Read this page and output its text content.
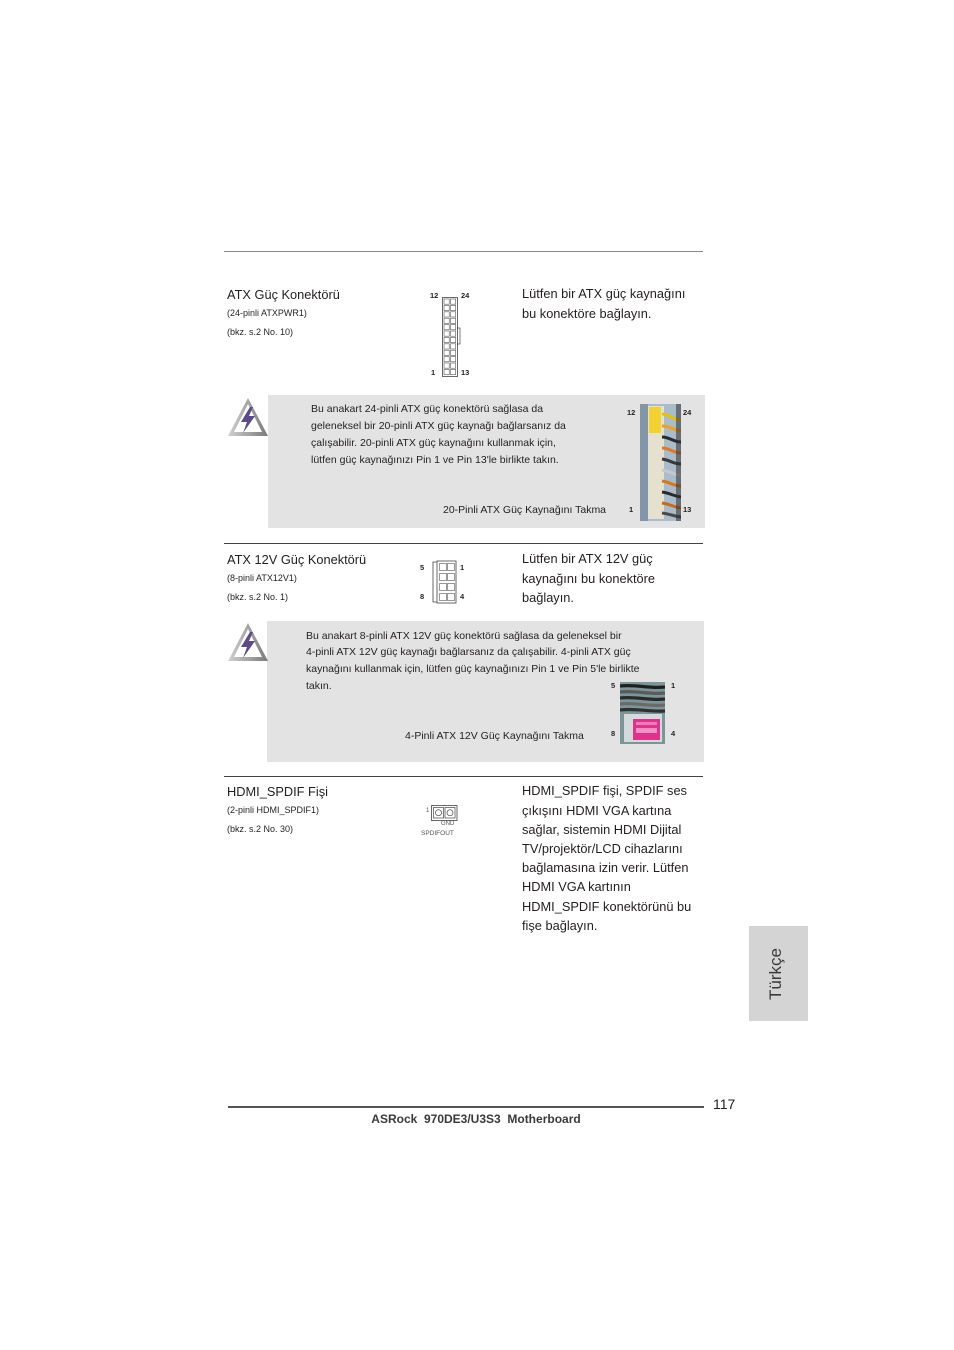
ATX Güç Konektörü
(24-pinli ATXPWR1)
(bkz. s.2 No. 10)
12	24
1	13
Lütfen bir ATX güç kaynağını
bu konektöre bağlayın.
Bu anakart 24-pinli ATX güç konektörü sağlasa da
geleneksel bir 20-pinli ATX güç kaynağı bağlarsanız da
çalışabilir. 20-pinli ATX güç kaynağını kullanmak için,
lütfen güç kaynağınızı Pin 1 ve Pin 13'le birlikte takın.
20-Pinli ATX Güç Kaynağını Takma
12	24
1	13
ATX 12V Güç Konektörü
(8-pinli ATX12V1)
(bkz. s.2 No. 1)
5	1
8	4
Lütfen bir ATX 12V güç
kaynağını bu konektöre
bağlayın.
Bu anakart 8-pinli ATX 12V güç konektörü sağlasa da geleneksel bir
4-pinli ATX 12V güç kaynağı bağlarsanız da çalışabilir. 4-pinli ATX güç
kaynağını kullanmak için, lütfen güç kaynağınızı Pin 1 ve Pin 5'le birlikte
takın.
4-Pinli ATX 12V Güç Kaynağını Takma
5	1
8	4
HDMI_SPDIF Fişi
(2-pinli HDMI_SPDIF1)
(bkz. s.2 No. 30)
1
GND
SPDIFOUT
HDMI_SPDIF fişi, SPDIF ses
çıkışını HDMI VGA kartına
sağlar, sistemin HDMI Dijital
TV/projektör/LCD cihazlarını
bağlamasına izin verir. Lütfen
HDMI VGA kartının
HDMI_SPDIF konektörünü bu
fişe bağlayın.
Türkçe
117
ASRock  970DE3/U3S3  Motherboard
